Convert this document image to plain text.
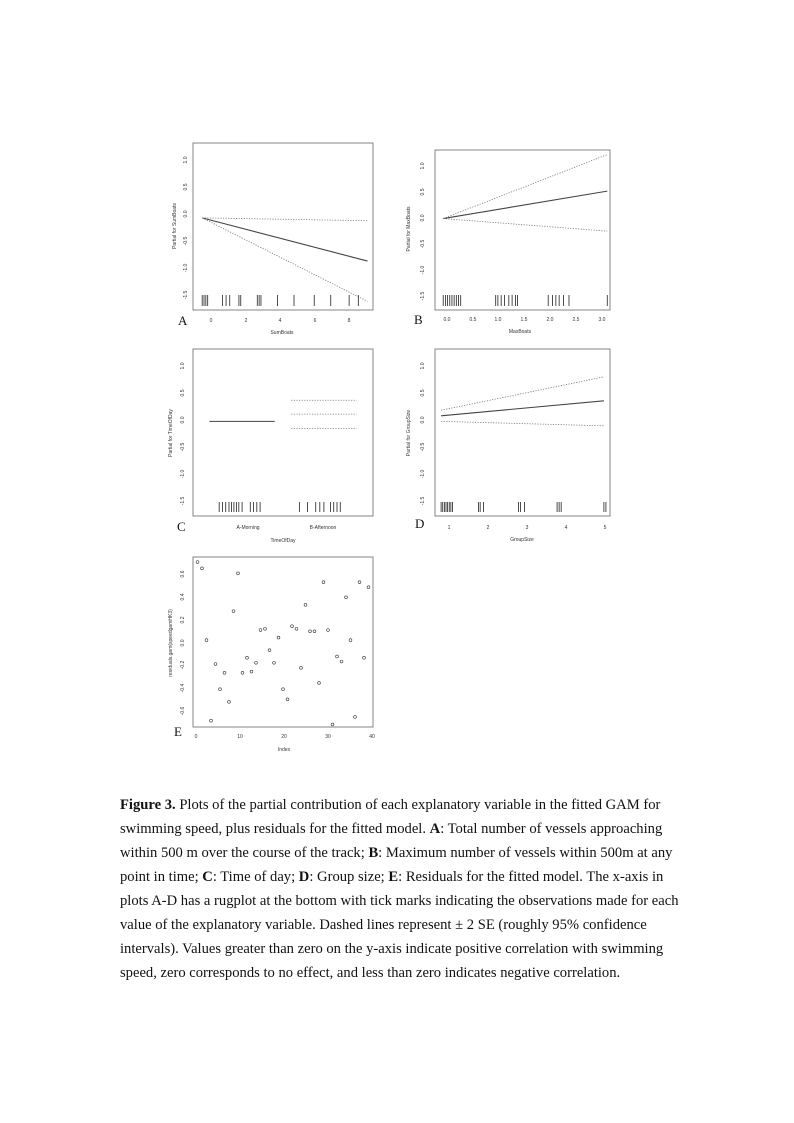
1.0
0.5
0.0
-0.5
-1.0
-1.5
Partial for SumBoats
0	2	4	6	8
SumBoats
A
1.0
0.5
0.0
-0.5
-1.0
-1.5
Partial for MaxBoats
0.0	0.5	1.0	1.5	2.0	2.5	3.0
MaxBoats
B
1.0
0.5
0.0
-0.5
-1.0
-1.5
Partial for TimeOfDay
A-Morning	B-Afternoon
TimeOfDay
C
1.0
0.5
0.0
-0.5
-1.0
-1.5
Partial for GroupSize
1	2	3	4	5
GroupSize
D
0.6
0.4
0.2
0.0
-0.2
-0.4
-0.6
residuals.gam(speedgamHK3)
0	10	20	30	40
Index
E
Figure 3. Plots of the partial contribution of each explanatory variable in the fitted GAM for swimming speed, plus residuals for the fitted model. A: Total number of vessels approaching within 500 m over the course of the track; B: Maximum number of vessels within 500m at any point in time; C: Time of day; D: Group size; E: Residuals for the fitted model. The x-axis in plots A-D has a rugplot at the bottom with tick marks indicating the observations made for each value of the explanatory variable. Dashed lines represent ± 2 SE (roughly 95% confidence intervals). Values greater than zero on the y-axis indicate positive correlation with swimming speed, zero corresponds to no effect, and less than zero indicates negative correlation.
